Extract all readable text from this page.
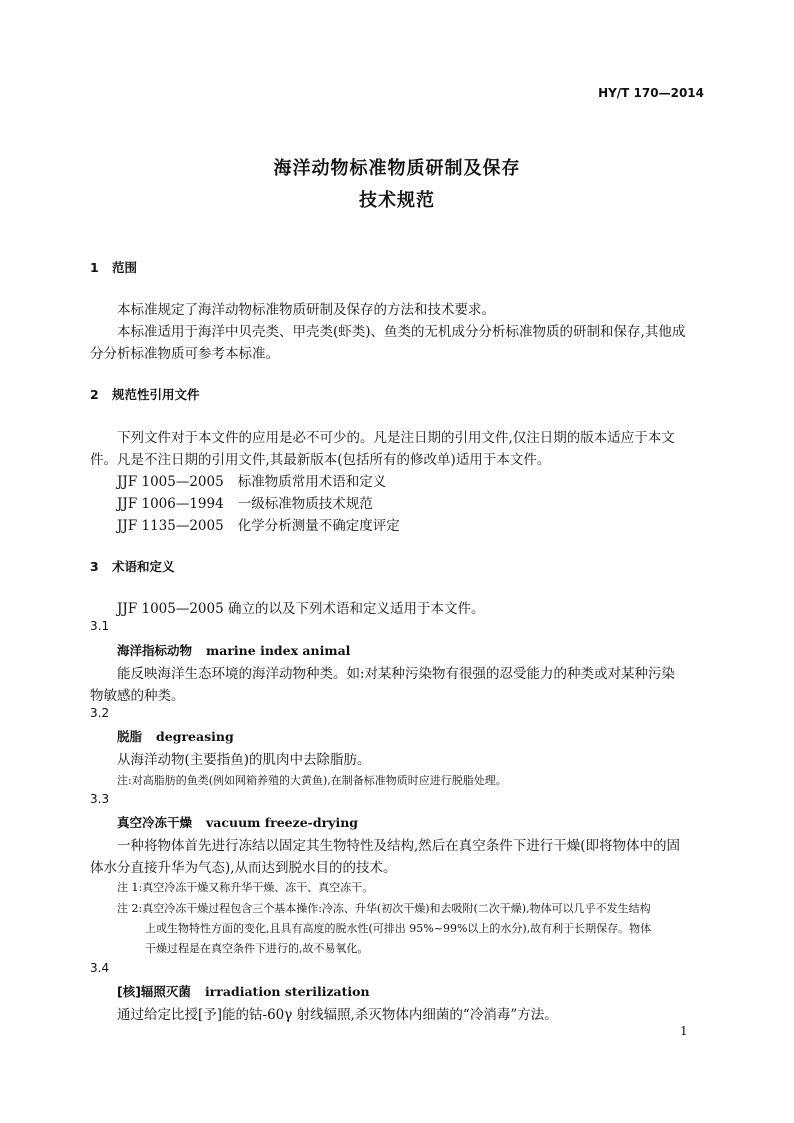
HY/T 170—2014
海洋动物标准物质研制及保存
技术规范
1 范围
本标准规定了海洋动物标准物质研制及保存的方法和技术要求。
本标准适用于海洋中贝壳类、甲壳类(虾类)、鱼类的无机成分分析标准物质的研制和保存,其他成
分分析标准物质可参考本标准。
2 规范性引用文件
下列文件对于本文件的应用是必不可少的。凡是注日期的引用文件,仅注日期的版本适应于本文
件。凡是不注日期的引用文件,其最新版本(包括所有的修改单)适用于本文件。
JJF 1005—2005 标准物质常用术语和定义
JJF 1006—1994 一级标准物质技术规范
JJF 1135—2005 化学分析测量不确定度评定
3 术语和定义
JJF 1005—2005 确立的以及下列术语和定义适用于本文件。
3.1
海洋指标动物 marine index animal
能反映海洋生态环境的海洋动物种类。如:对某种污染物有很强的忍受能力的种类或对某种污染
物敏感的种类。
3.2
脱脂 degreasing
从海洋动物(主要指鱼)的肌肉中去除脂肪。
注:对高脂肪的鱼类(例如网箱养殖的大黄鱼),在制备标准物质时应进行脱脂处理。
3.3
真空冷冻干燥 vacuum freeze-drying
一种将物体首先进行冻结以固定其生物特性及结构,然后在真空条件下进行干燥(即将物体中的固
体水分直接升华为气态),从而达到脱水目的的技术。
注 1:真空冷冻干燥又称升华干燥、冻干、真空冻干。
注 2:真空冷冻干燥过程包含三个基本操作:冷冻、升华(初次干燥)和去吸附(二次干燥),物体可以几乎不发生结构
上或生物特性方面的变化,且具有高度的脱水性(可排出 95%~99%以上的水分),故有利于长期保存。物体
干燥过程是在真空条件下进行的,故不易氧化。
3.4
[核]辐照灭菌 irradiation sterilization
通过给定比授[予]能的钴-60γ 射线辐照,杀灭物体内细菌的“冷消毒”方法。
1
